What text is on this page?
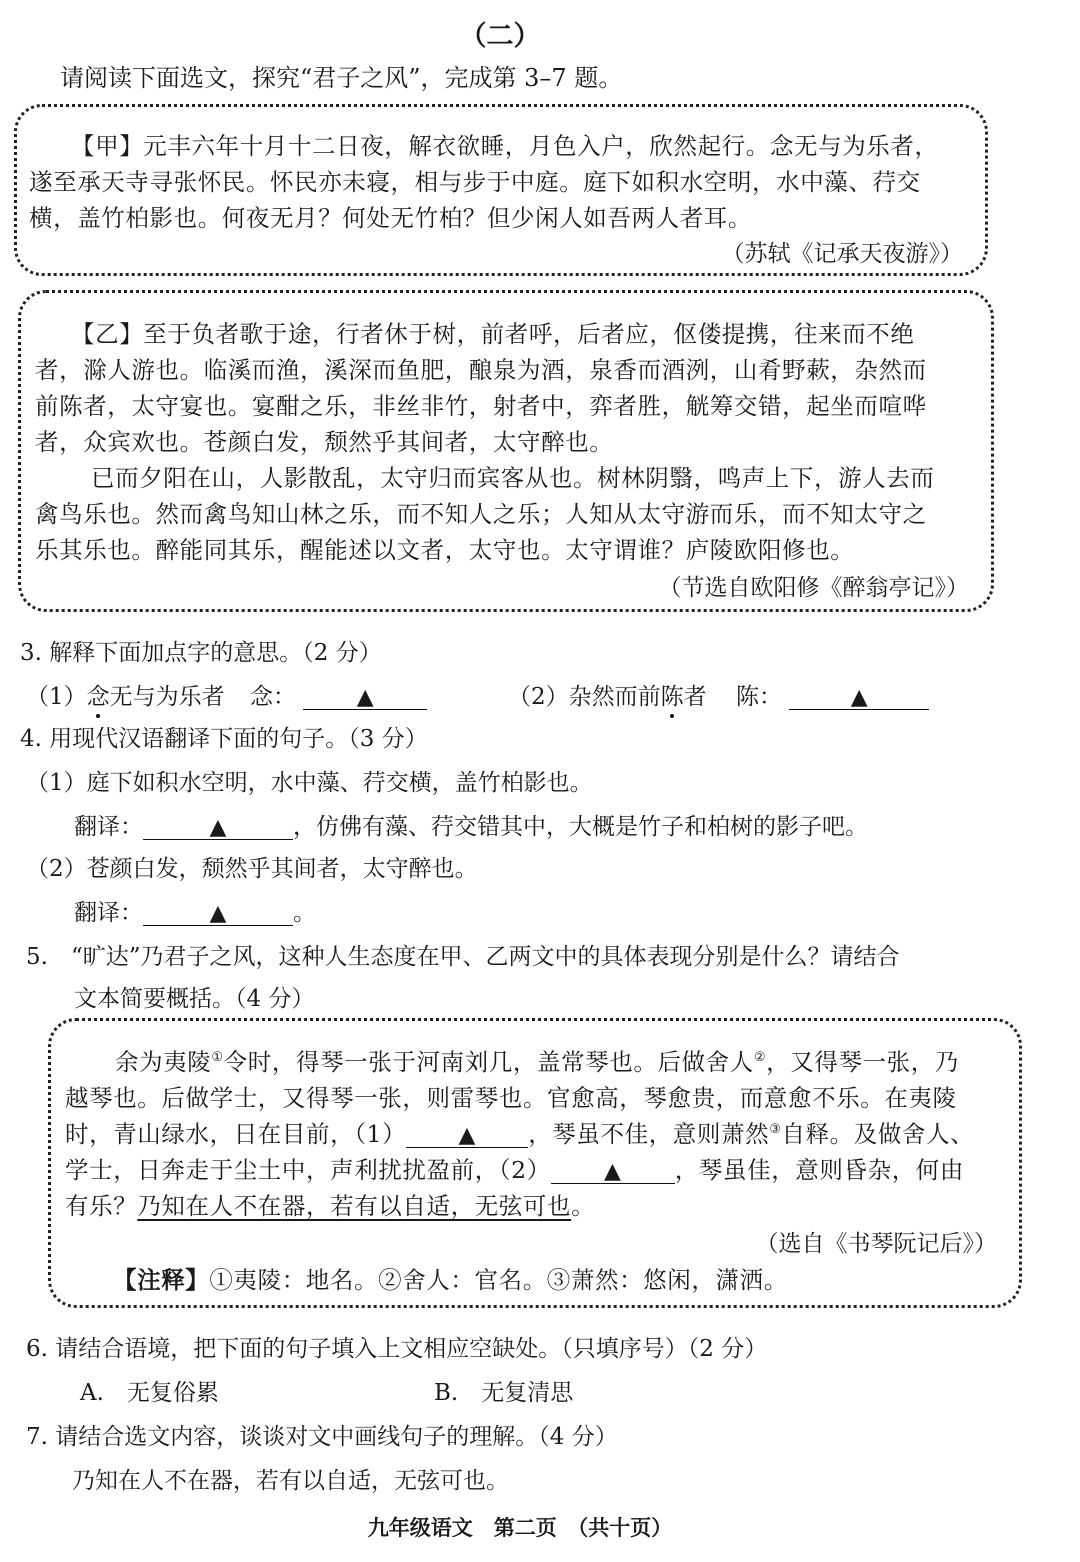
（二）
请阅读下面选文，探究“君子之风”，完成第 3–7 题。
【甲】元丰六年十月十二日夜，解衣欲睡，月色入户，欣然起行。念无与为乐者，
遂至承天寺寻张怀民。怀民亦未寝，相与步于中庭。庭下如积水空明，水中藻、荇交
横，盖竹柏影也。何夜无月？何处无竹柏？但少闲人如吾两人者耳。
（苏轼《记承天夜游》）
【乙】至于负者歌于途，行者休于树，前者呼，后者应，伛偻提携，往来而不绝
者，滁人游也。临溪而渔，溪深而鱼肥，酿泉为酒，泉香而酒洌，山肴野蔌，杂然而
前陈者，太守宴也。宴酣之乐，非丝非竹，射者中，弈者胜，觥筹交错，起坐而喧哗
者，众宾欢也。苍颜白发，颓然乎其间者，太守醉也。
已而夕阳在山，人影散乱，太守归而宾客从也。树林阴翳，鸣声上下，游人去而
禽鸟乐也。然而禽鸟知山林之乐，而不知人之乐；人知从太守游而乐，而不知太守之
乐其乐也。醉能同其乐，醒能述以文者，太守也。太守谓谁？庐陵欧阳修也。
（节选自欧阳修《醉翁亭记》）
3. 解释下面加点字的意思。（2 分）
（1）念无与为乐者 念：	▲	（2）杂然而前陈者 陈：	▲
4. 用现代汉语翻译下面的句子。（3 分）
（1）庭下如积水空明，水中藻、荇交横，盖竹柏影也。
翻译：	▲	，仿佛有藻、荇交错其中，大概是竹子和柏树的影子吧。
（2）苍颜白发，颓然乎其间者，太守醉也。
翻译：	▲	。
5.　“旷达”乃君子之风，这种人生态度在甲、乙两文中的具体表现分别是什么？请结合
文本简要概括。（4 分）
余为夷陵①令时，得琴一张于河南刘几，盖常琴也。后做舍人②，又得琴一张，乃
越琴也。后做学士，又得琴一张，则雷琴也。官愈高，琴愈贵，而意愈不乐。在夷陵
时，青山绿水，日在目前，（1） ▲ ，琴虽不佳，意则萧然③自释。及做舍人、
学士，日奔走于尘土中，声利扰扰盈前，（2） ▲ ，琴虽佳，意则昏杂，何由
有乐？乃知在人不在器，若有以自适，无弦可也。
（选自《书琴阮记后》）
【注释】①夷陵：地名。②舍人：官名。③萧然：悠闲，潇洒。
6. 请结合语境，把下面的句子填入上文相应空缺处。（只填序号）（2 分）
A.　无复俗累	B.　无复清思
7. 请结合选文内容，谈谈对文中画线句子的理解。（4 分）
乃知在人不在器，若有以自适，无弦可也。
九年级语文　第二页　（共十页）
